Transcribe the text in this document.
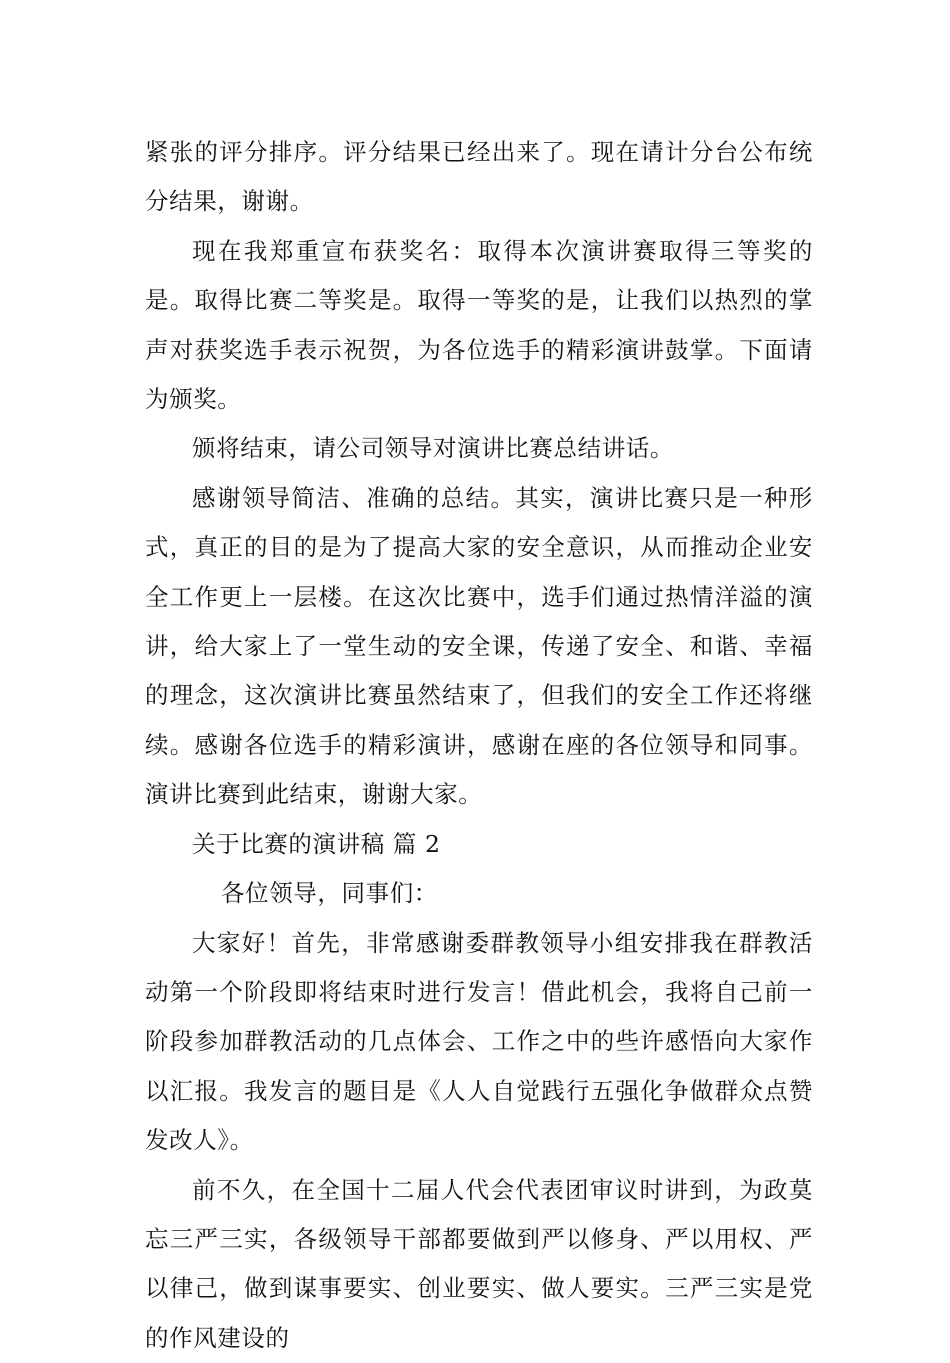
紧张的评分排序。评分结果已经出来了。现在请计分台公布统分结果，谢谢。

现在我郑重宣布获奖名：取得本次演讲赛取得三等奖的是。取得比赛二等奖是。取得一等奖的是，让我们以热烈的掌声对获奖选手表示祝贺，为各位选手的精彩演讲鼓掌。下面请为颁奖。

颁将结束，请公司领导对演讲比赛总结讲话。

感谢领导简洁、准确的总结。其实，演讲比赛只是一种形式，真正的目的是为了提高大家的安全意识，从而推动企业安全工作更上一层楼。在这次比赛中，选手们通过热情洋溢的演讲，给大家上了一堂生动的安全课，传递了安全、和谐、幸福的理念，这次演讲比赛虽然结束了，但我们的安全工作还将继续。感谢各位选手的精彩演讲，感谢在座的各位领导和同事。演讲比赛到此结束，谢谢大家。

关于比赛的演讲稿 篇 2

各位领导，同事们：

大家好！首先，非常感谢委群教领导小组安排我在群教活动第一个阶段即将结束时进行发言！借此机会，我将自己前一阶段参加群教活动的几点体会、工作之中的些许感悟向大家作以汇报。我发言的题目是《人人自觉践行五强化争做群众点赞发改人》。

前不久，在全国十二届人代会代表团审议时讲到，为政莫忘三严三实，各级领导干部都要做到严以修身、严以用权、严以律己，做到谋事要实、创业要实、做人要实。三严三实是党的作风建设的
